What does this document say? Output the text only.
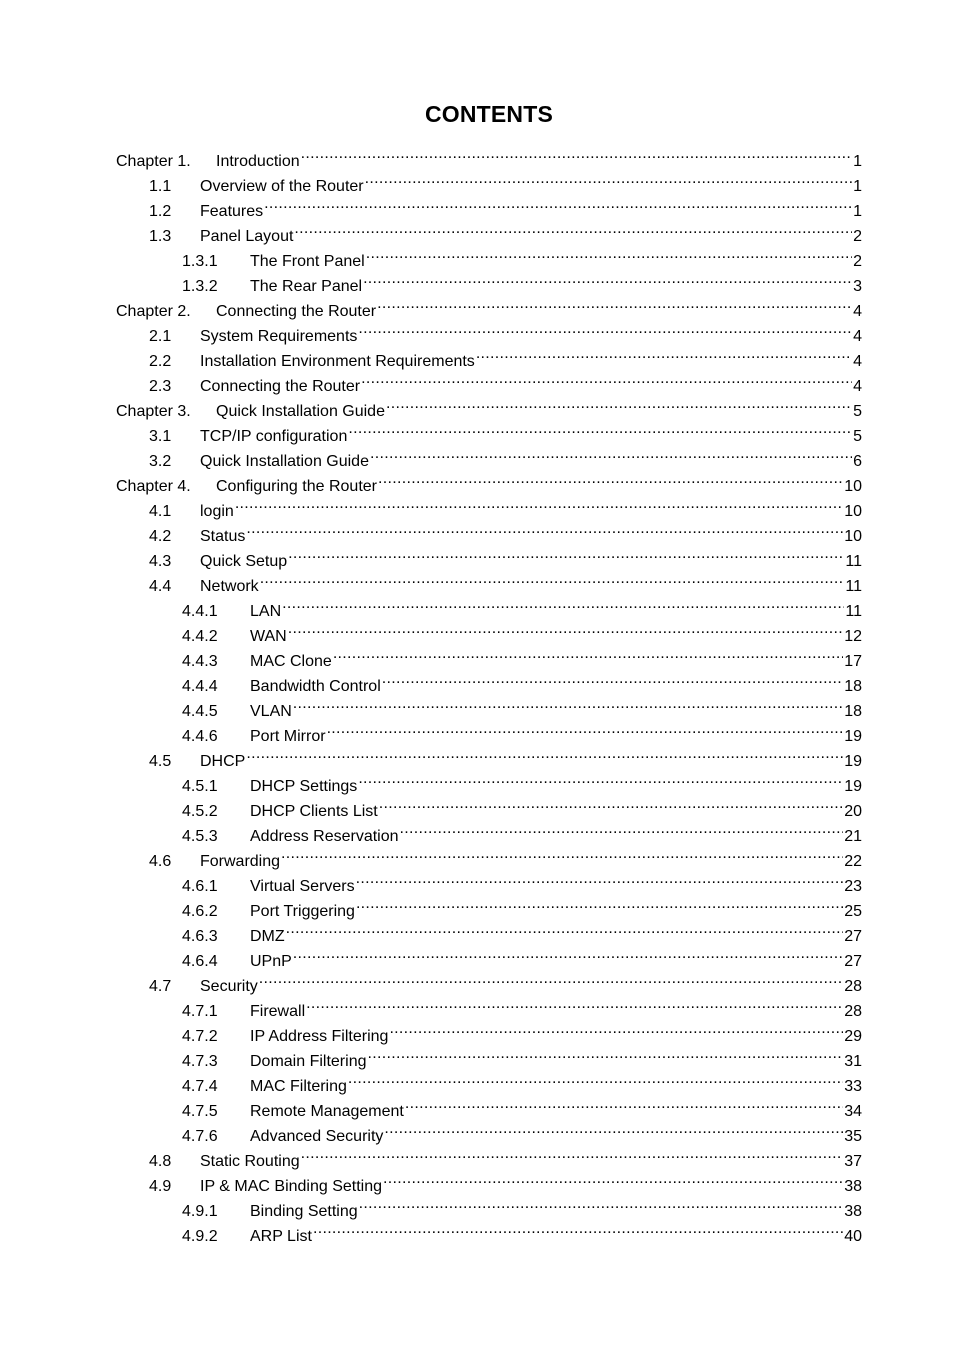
CONTENTS
Chapter 1.	Introduction .....	1
1.1	Overview of the Router .....	1
1.2	Features .....	1
1.3	Panel Layout .....	2
1.3.1	The Front Panel .....	2
1.3.2	The Rear Panel .....	3
Chapter 2.	Connecting the Router .....	4
2.1	System Requirements .....	4
2.2	Installation Environment Requirements .....	4
2.3	Connecting the Router .....	4
Chapter 3.	Quick Installation Guide .....	5
3.1	TCP/IP configuration .....	5
3.2	Quick Installation Guide .....	6
Chapter 4.	Configuring the Router .....	10
4.1	login .....	10
4.2	Status .....	10
4.3	Quick Setup .....	11
4.4	Network .....	11
4.4.1	LAN .....	11
4.4.2	WAN .....	12
4.4.3	MAC Clone .....	17
4.4.4	Bandwidth Control .....	18
4.4.5	VLAN .....	18
4.4.6	Port Mirror .....	19
4.5	DHCP .....	19
4.5.1	DHCP Settings .....	19
4.5.2	DHCP Clients List .....	20
4.5.3	Address Reservation .....	21
4.6	Forwarding .....	22
4.6.1	Virtual Servers .....	23
4.6.2	Port Triggering .....	25
4.6.3	DMZ .....	27
4.6.4	UPnP .....	27
4.7	Security .....	28
4.7.1	Firewall .....	28
4.7.2	IP Address Filtering .....	29
4.7.3	Domain Filtering .....	31
4.7.4	MAC Filtering .....	33
4.7.5	Remote Management .....	34
4.7.6	Advanced Security .....	35
4.8	Static Routing .....	37
4.9	IP & MAC Binding Setting .....	38
4.9.1	Binding Setting .....	38
4.9.2	ARP List .....	40
